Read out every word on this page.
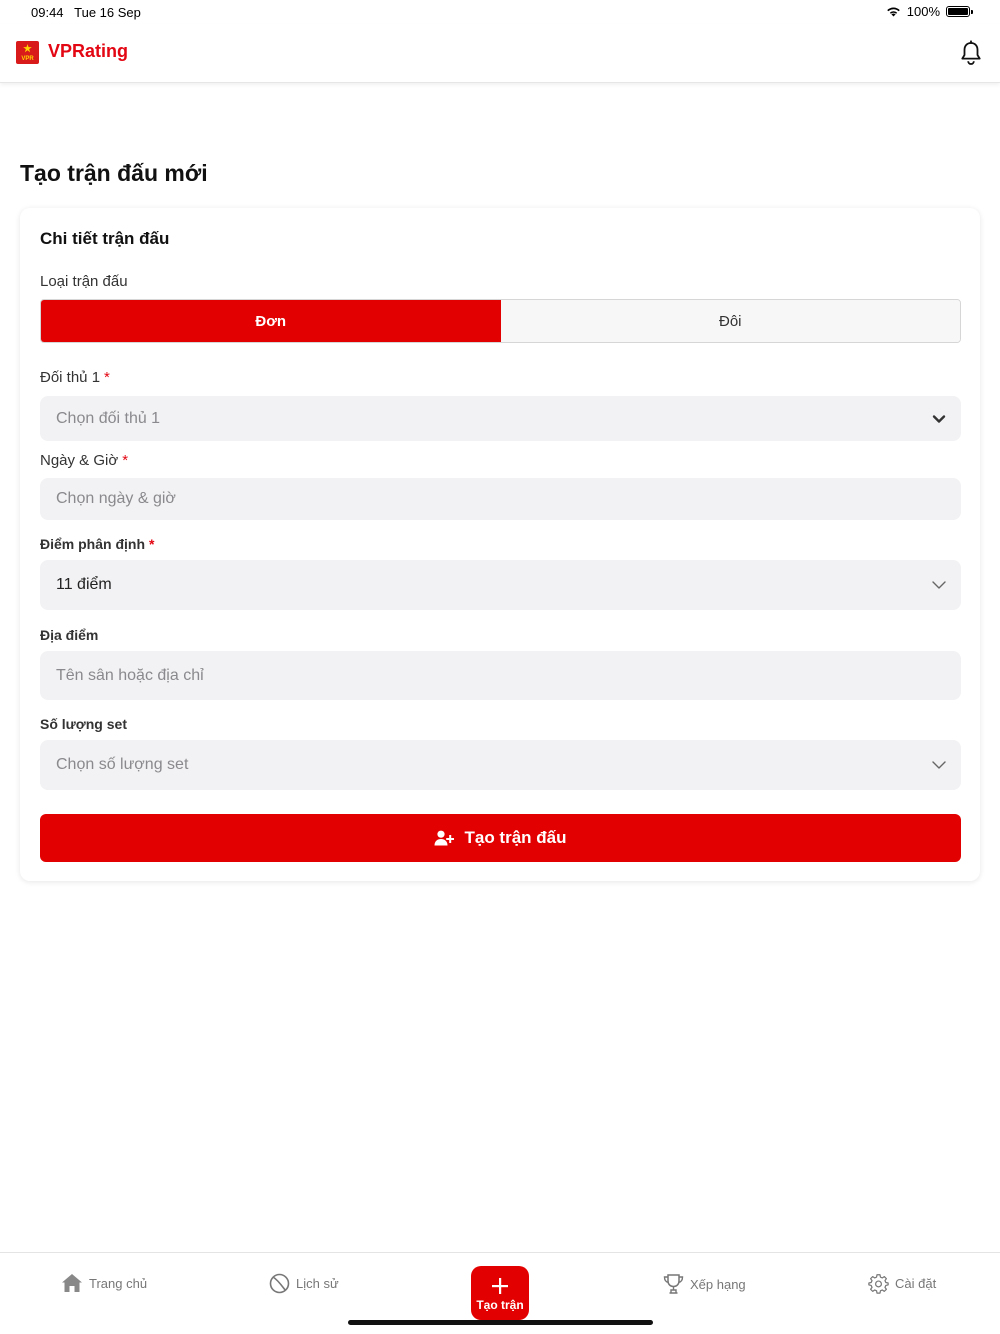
09:44 Tue 16 Sep	100%
VPR VPRating
Tạo trận đấu mới
Chi tiết trận đấu
Loại trận đấu
Đơn	Đôi
Đối thủ 1 *
Chọn đối thủ 1
Ngày & Giờ *
Chọn ngày & giờ
Điểm phân định *
11 điểm
Địa điểm
Tên sân hoặc địa chỉ
Số lượng set
Chọn số lượng set
Tạo trận đấu
Trang chủ	Lịch sử
Tạo trận
Xếp hạng	Cài đặt
